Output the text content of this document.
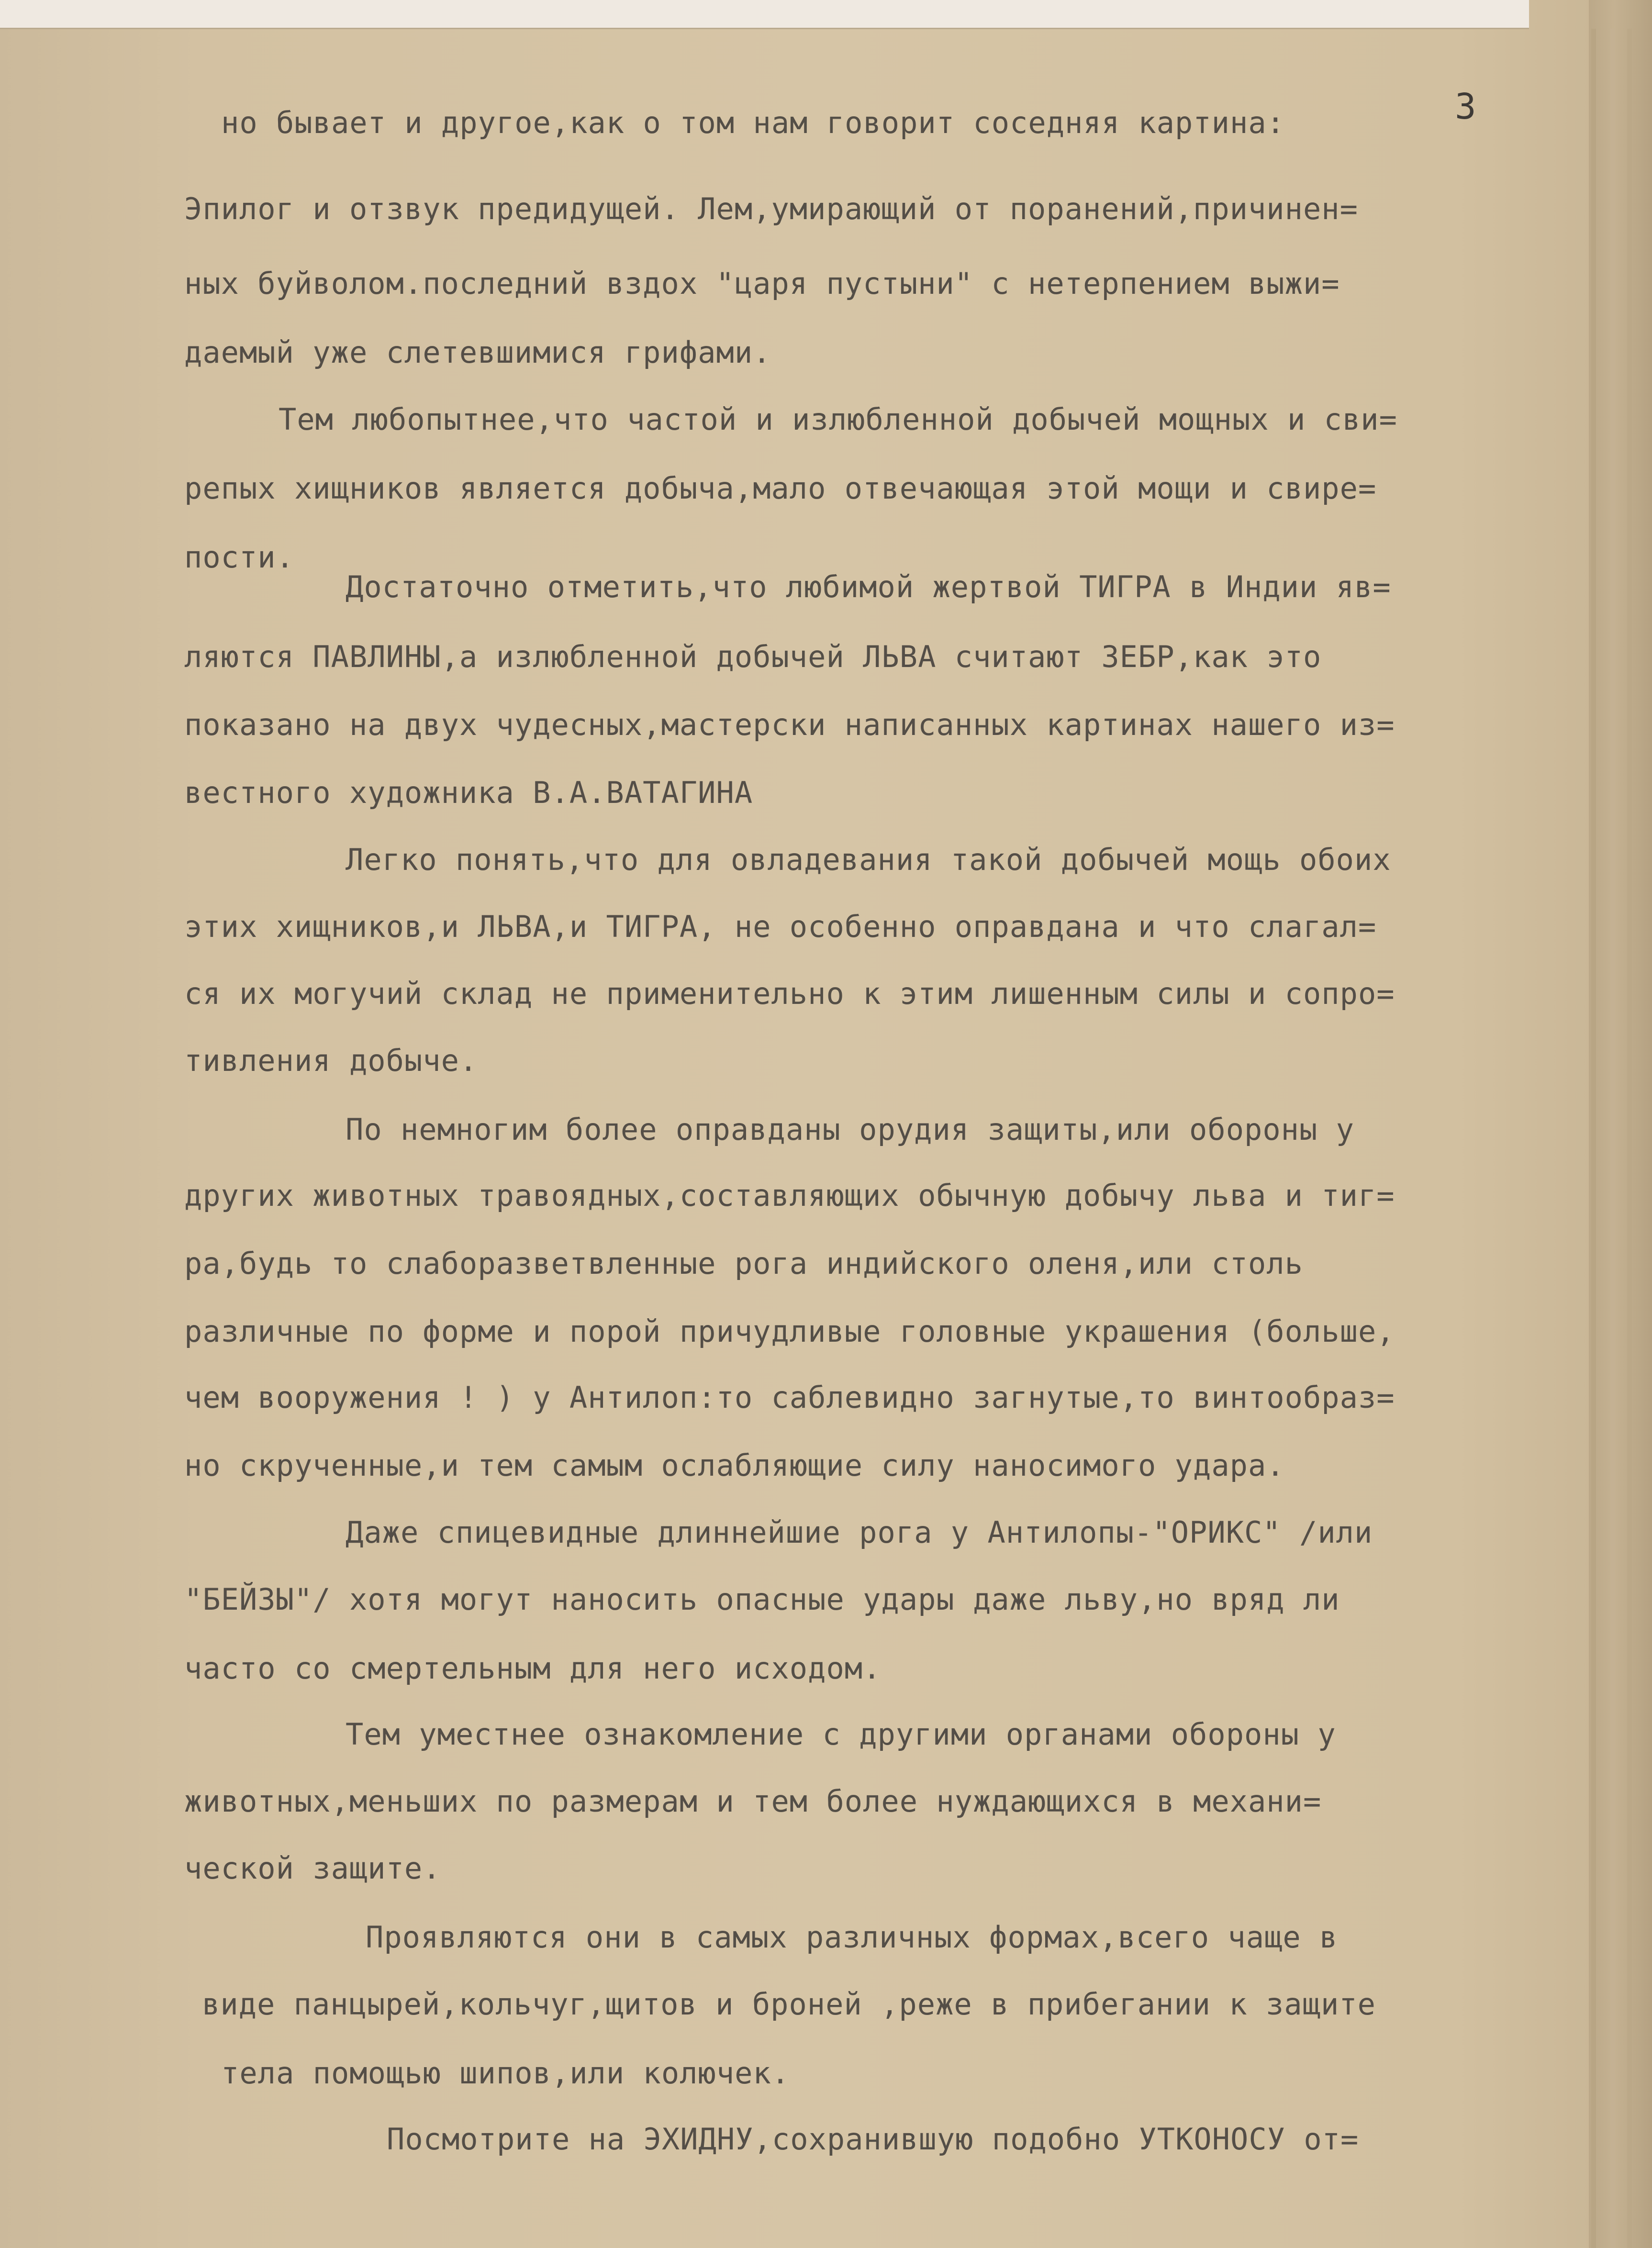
3
но бывает и другое,как о том нам говорит соседняя картина:
Эпилог и отзвук предидущей. Лем,умирающий от поранений,причинен=
ных буйволом.последний вздох "царя пустыни" с нетерпением выжи=
даемый уже слетевшимися грифами.
Тем любопытнее,что частой и излюбленной добычей мощных и сви=
репых хищников является добыча,мало отвечающая этой мощи и свире=
пости.
Достаточно отметить,что любимой жертвой ТИГРА в Индии яв=
ляются ПАВЛИНЫ,а излюбленной добычей ЛЬВА считают ЗЕБР,как это
показано на двух чудесных,мастерски написанных картинах нашего из=
вестного художника В.А.ВАТАГИНА
Легко понять,что для овладевания такой добычей мощь обоих
этих хищников,и ЛЬВА,и ТИГРА, не особенно оправдана и что слагал=
ся их могучий склад не применительно к этим лишенным силы и сопро=
тивления добыче.
По немногим более оправданы орудия защиты,или обороны у
других животных травоядных,составляющих обычную добычу льва и тиг=
ра,будь то слаборазветвленные рога индийского оленя,или столь
различные по форме и порой причудливые головные украшения (больше,
чем вооружения ! ) у Антилоп:то саблевидно загнутые,то винтообраз=
но скрученные,и тем самым ослабляющие силу наносимого удара.
Даже спицевидные длиннейшие рога у Антилопы-"ОРИКС" /или
"БЕЙЗЫ"/ хотя могут наносить опасные удары даже льву,но вряд ли
часто со смертельным для него исходом.
Тем уместнее ознакомление с другими органами обороны у
животных,меньших по размерам и тем более нуждающихся в механи=
ческой защите.
Проявляются они в самых различных формах,всего чаще в
виде панцырей,кольчуг,щитов и броней ,реже в прибегании к защите
тела помощью шипов,или колючек.
Посмотрите на ЭХИДНУ,сохранившую подобно УТКОНОСУ от=
